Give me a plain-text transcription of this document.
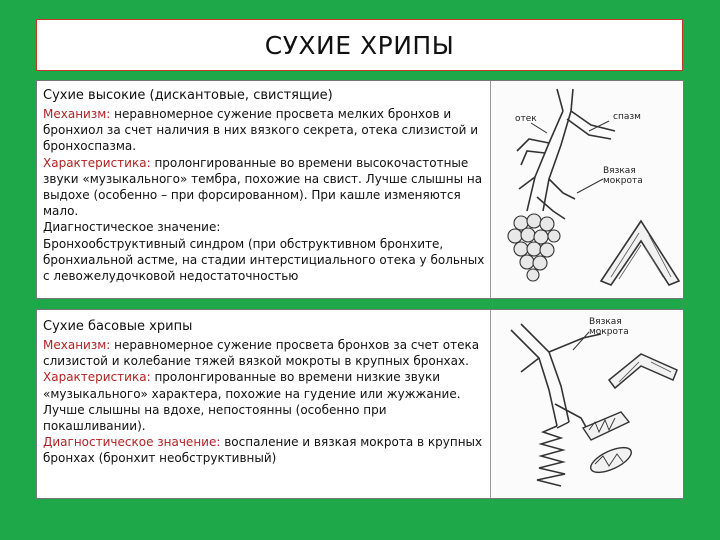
СУХИЕ ХРИПЫ
Сухие высокие (дискантовые, свистящие)
Механизм: неравномерное сужение просвета мелких бронхов и бронхиол за счет наличия в них вязкого секрета, отека слизистой и бронхоспазма.
Характеристика: пролонгированные во времени высокочастотные звуки «музыкального» тембра, похожие на свист. Лучше слышны на выдохе (особенно – при форсированном). При кашле изменяются мало.
Диагностическое значение:
Бронхообструктивный синдром (при обструктивном бронхите, бронхиальной астме, на стадии интерстициального отека у больных с левожелудочковой недостаточностью
отек	спазм
Вязкая
мокрота
Сухие басовые хрипы
Механизм: неравномерное сужение просвета бронхов за счет отека слизистой и колебание тяжей вязкой мокроты в крупных бронхах.
Характеристика: пролонгированные во времени низкие звуки «музыкального» характера, похожие на гудение или жужжание. Лучше слышны на вдохе, непостоянны (особенно при покашливании).
Диагностическое значение: воспаление и вязкая мокрота в крупных бронхах (бронхит необструктивный)
Вязкая
мокрота
